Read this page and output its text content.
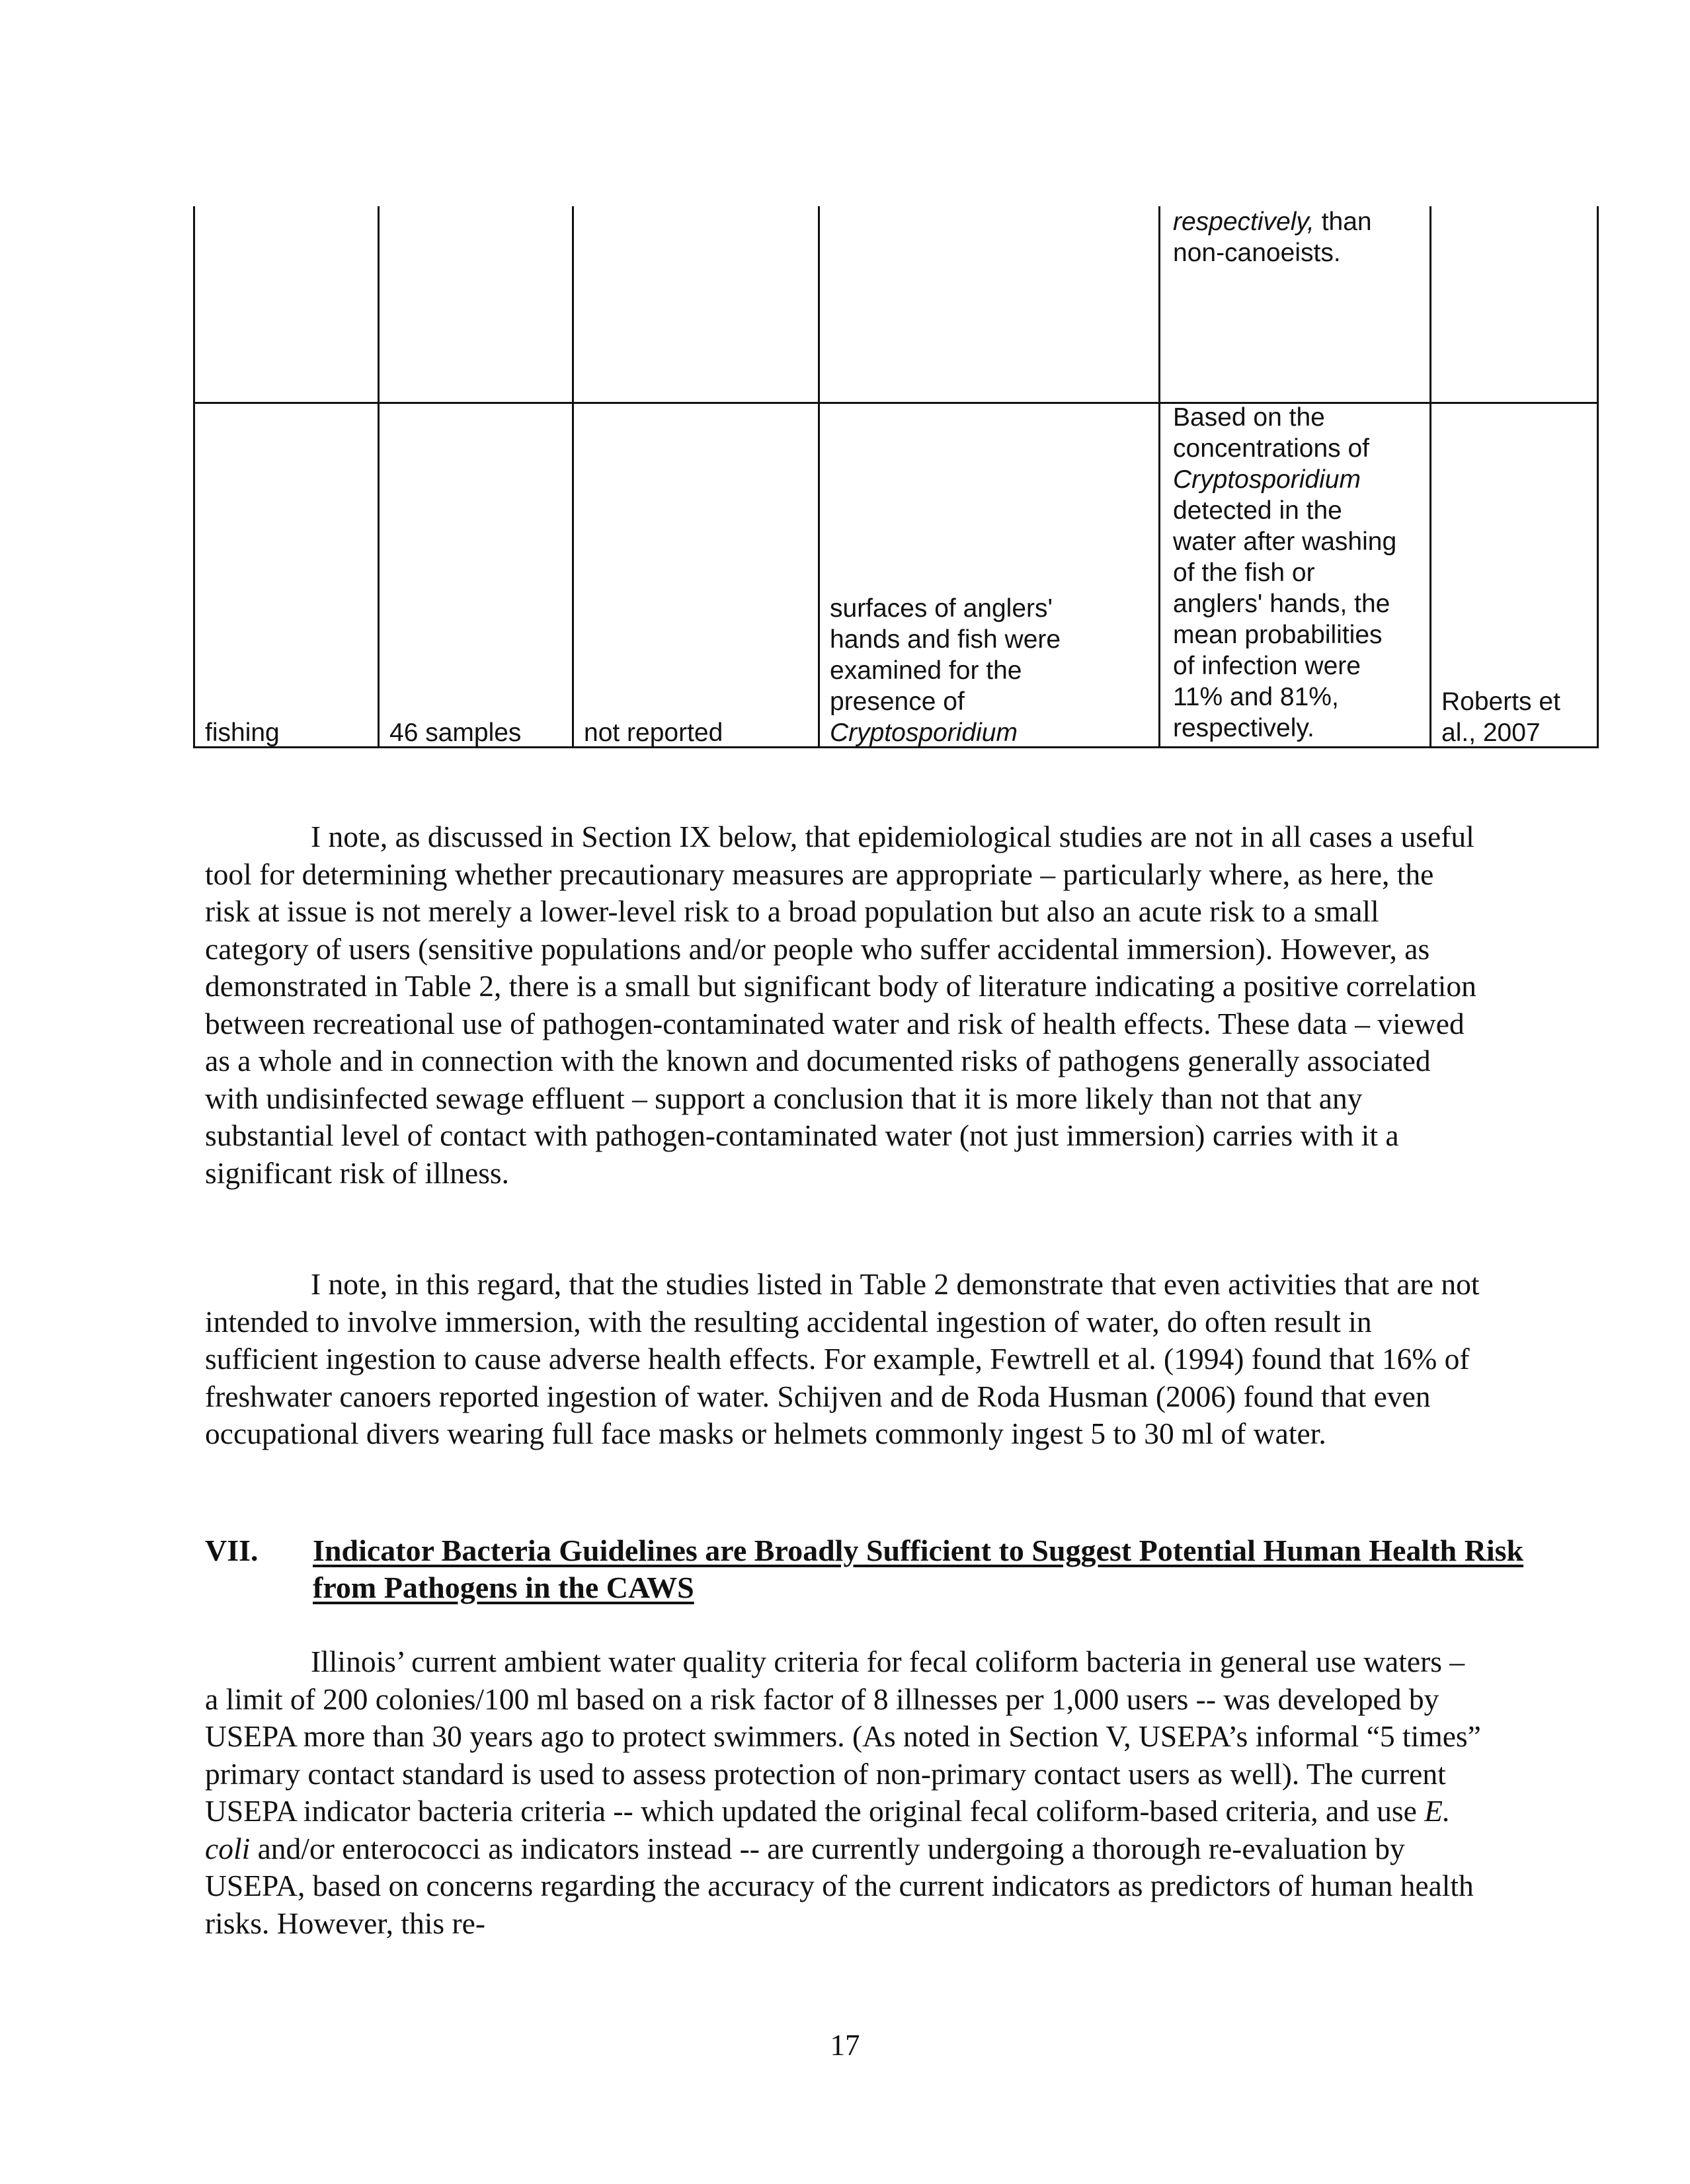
respectively, than
non-canoeists.
fishing	46 samples	not reported
surfaces of anglers'
hands and fish were
examined for the
presence of
Cryptosporidium
Based on the
concentrations of
Cryptosporidium
detected in the
water after washing
of the fish or
anglers' hands, the
mean probabilities
of infection were
11% and 81%,
respectively.
Roberts et
al., 2007

I note, as discussed in Section IX below, that epidemiological studies are not in all cases a useful tool for determining whether precautionary measures are appropriate – particularly where, as here, the risk at issue is not merely a lower-level risk to a broad population but also an acute risk to a small category of users (sensitive populations and/or people who suffer accidental immersion). However, as demonstrated in Table 2, there is a small but significant body of literature indicating a positive correlation between recreational use of pathogen-contaminated water and risk of health effects. These data – viewed as a whole and in connection with the known and documented risks of pathogens generally associated with undisinfected sewage effluent – support a conclusion that it is more likely than not that any substantial level of contact with pathogen-contaminated water (not just immersion) carries with it a significant risk of illness.

I note, in this regard, that the studies listed in Table 2 demonstrate that even activities that are not intended to involve immersion, with the resulting accidental ingestion of water, do often result in sufficient ingestion to cause adverse health effects. For example, Fewtrell et al. (1994) found that 16% of freshwater canoers reported ingestion of water. Schijven and de Roda Husman (2006) found that even occupational divers wearing full face masks or helmets commonly ingest 5 to 30 ml of water.

VII. Indicator Bacteria Guidelines are Broadly Sufficient to Suggest Potential Human Health Risk from Pathogens in the CAWS

Illinois’ current ambient water quality criteria for fecal coliform bacteria in general use waters – a limit of 200 colonies/100 ml based on a risk factor of 8 illnesses per 1,000 users -- was developed by USEPA more than 30 years ago to protect swimmers. (As noted in Section V, USEPA’s informal “5 times” primary contact standard is used to assess protection of non-primary contact users as well). The current USEPA indicator bacteria criteria -- which updated the original fecal coliform-based criteria, and use E. coli and/or enterococci as indicators instead -- are currently undergoing a thorough re-evaluation by USEPA, based on concerns regarding the accuracy of the current indicators as predictors of human health risks. However, this re-

17
